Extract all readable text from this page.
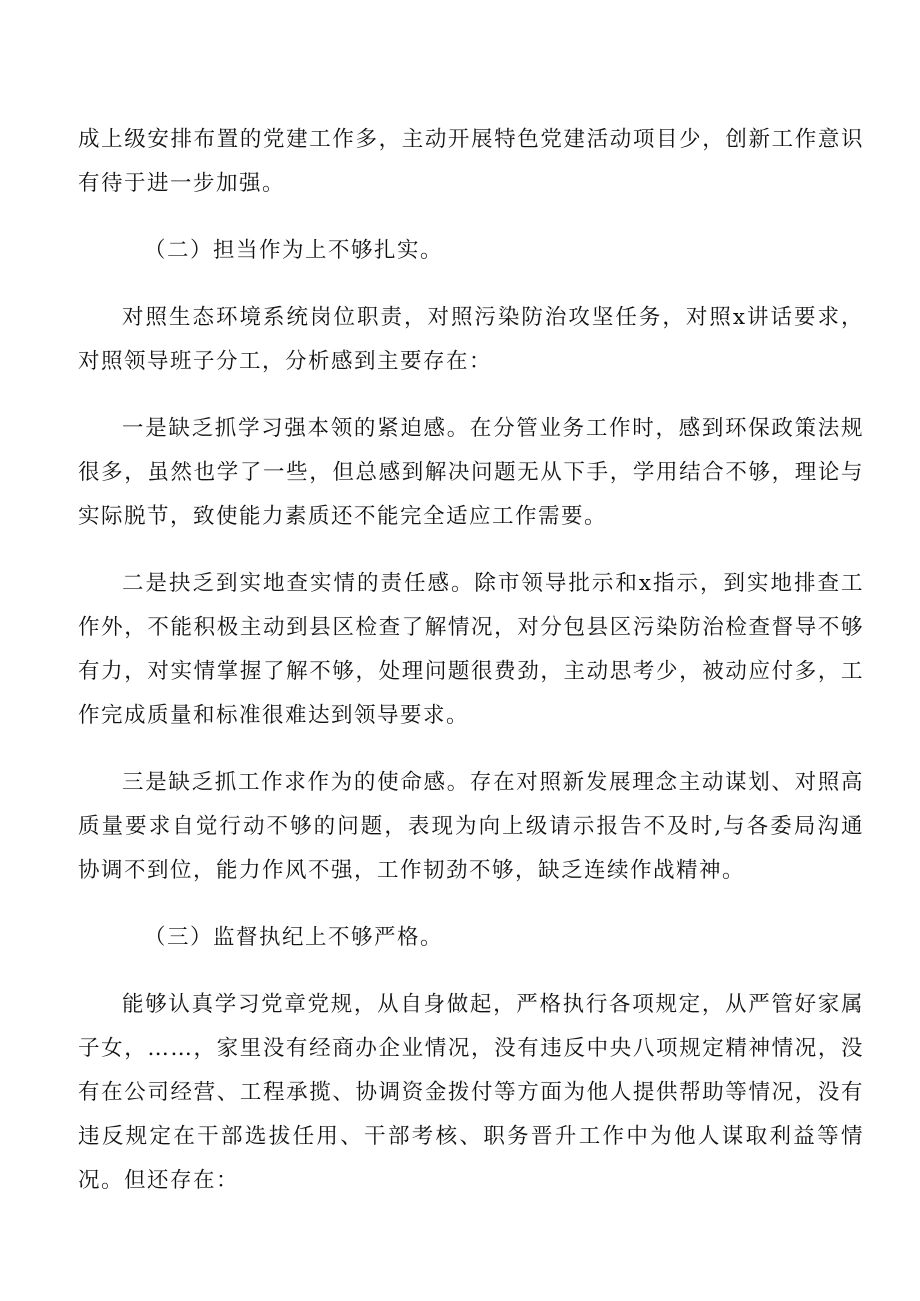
成上级安排布置的党建工作多，主动开展特色党建活动项目少，创新工作意识有待于进一步加强。

（二）担当作为上不够扎实。

对照生态环境系统岗位职责，对照污染防治攻坚任务，对照x讲话要求，对照领导班子分工，分析感到主要存在：

一是缺乏抓学习强本领的紧迫感。在分管业务工作时，感到环保政策法规很多，虽然也学了一些，但总感到解决问题无从下手，学用结合不够，理论与实际脱节，致使能力素质还不能完全适应工作需要。

二是抉乏到实地查实情的责任感。除市领导批示和x指示，到实地排查工作外，不能积极主动到县区检查了解情况，对分包县区污染防治检查督导不够有力，对实情掌握了解不够，处理问题很费劲，主动思考少，被动应付多，工作完成质量和标准很难达到领导要求。

三是缺乏抓工作求作为的使命感。存在对照新发展理念主动谋划、对照高质量要求自觉行动不够的问题，表现为向上级请示报告不及时,与各委局沟通协调不到位，能力作风不强，工作韧劲不够，缺乏连续作战精神。

（三）监督执纪上不够严格。

能够认真学习党章党规，从自身做起，严格执行各项规定，从严管好家属子女，……，家里没有经商办企业情况，没有违反中央八项规定精神情况，没有在公司经营、工程承揽、协调资金拨付等方面为他人提供帮助等情况，没有违反规定在干部选拔任用、干部考核、职务晋升工作中为他人谋取利益等情况。但还存在：
